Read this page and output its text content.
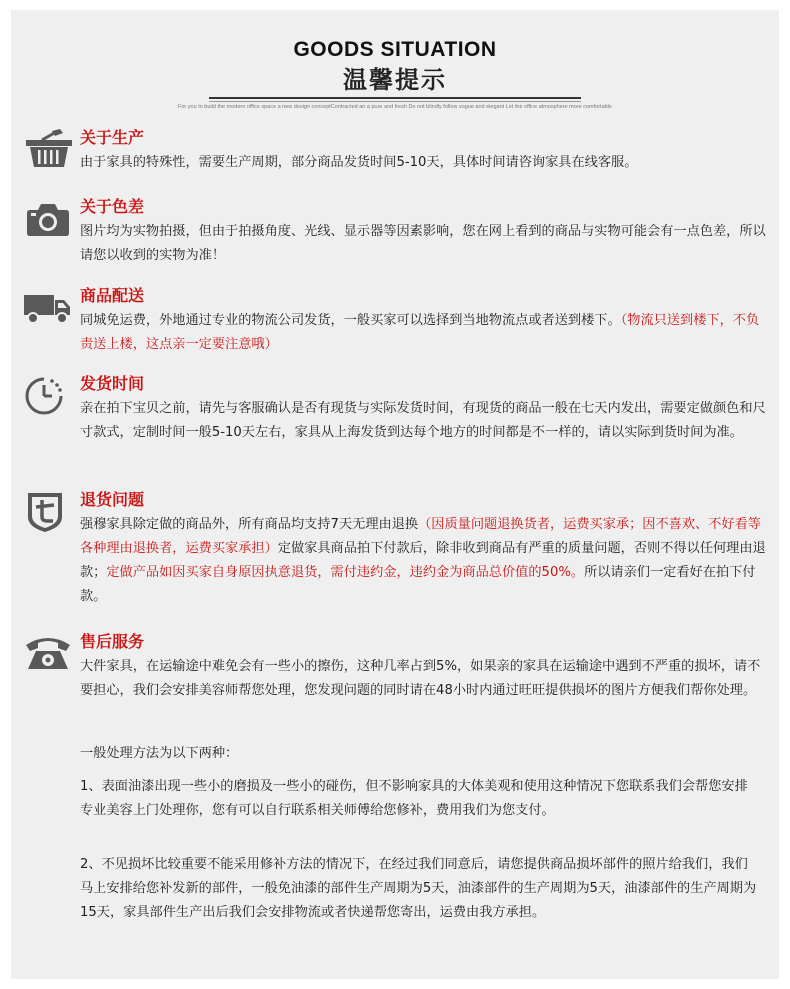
GOODS SITUATION
温馨提示
For you to build the modern office space a new design conceptContracted an a pure and fresh Do not blindly follow vogue and elegant Let the office atmosphere more comfortable
关于生产
由于家具的特殊性，需要生产周期，部分商品发货时间5-10天，具体时间请咨询家具在线客服。
关于色差
图片均为实物拍摄，但由于拍摄角度、光线、显示器等因素影响，您在网上看到的商品与实物可能会有一点色差，所以请您以收到的实物为准！
商品配送
同城免运费，外地通过专业的物流公司发货，一般买家可以选择到当地物流点或者送到楼下。（物流只送到楼下，不负责送上楼，这点亲一定要注意哦）
发货时间
亲在拍下宝贝之前，请先与客服确认是否有现货与实际发货时间，有现货的商品一般在七天内发出，需要定做颜色和尺寸款式，定制时间一般5-10天左右，家具从上海发货到达每个地方的时间都是不一样的，请以实际到货时间为准。
退货问题
强穆家具除定做的商品外，所有商品均支持7天无理由退换（因质量问题退换货者，运费买家承；因不喜欢、不好看等各种理由退换者，运费买家承担）定做家具商品拍下付款后，除非收到商品有严重的质量问题，否则不得以任何理由退款；定做产品如因买家自身原因执意退货，需付违约金，违约金为商品总价值的50%。所以请亲们一定看好在拍下付款。
售后服务
大件家具，在运输途中难免会有一些小的擦伤，这种几率占到5%，如果亲的家具在运输途中遇到不严重的损坏，请不要担心，我们会安排美容师帮您处理，您发现问题的同时请在48小时内通过旺旺提供损坏的图片方便我们帮你处理。
一般处理方法为以下两种：
1、表面油漆出现一些小的磨损及一些小的碰伤，但不影响家具的大体美观和使用这种情况下您联系我们会帮您安排专业美容上门处理你，您有可以自行联系相关师傅给您修补，费用我们为您支付。
2、不见损坏比较重要不能采用修补方法的情况下，在经过我们同意后，请您提供商品损坏部件的照片给我们，我们马上安排给您补发新的部件，一般免油漆的部件生产周期为5天，油漆部件的生产周期为5天，油漆部件的生产周期为15天，家具部件生产出后我们会安排物流或者快递帮您寄出，运费由我方承担。
